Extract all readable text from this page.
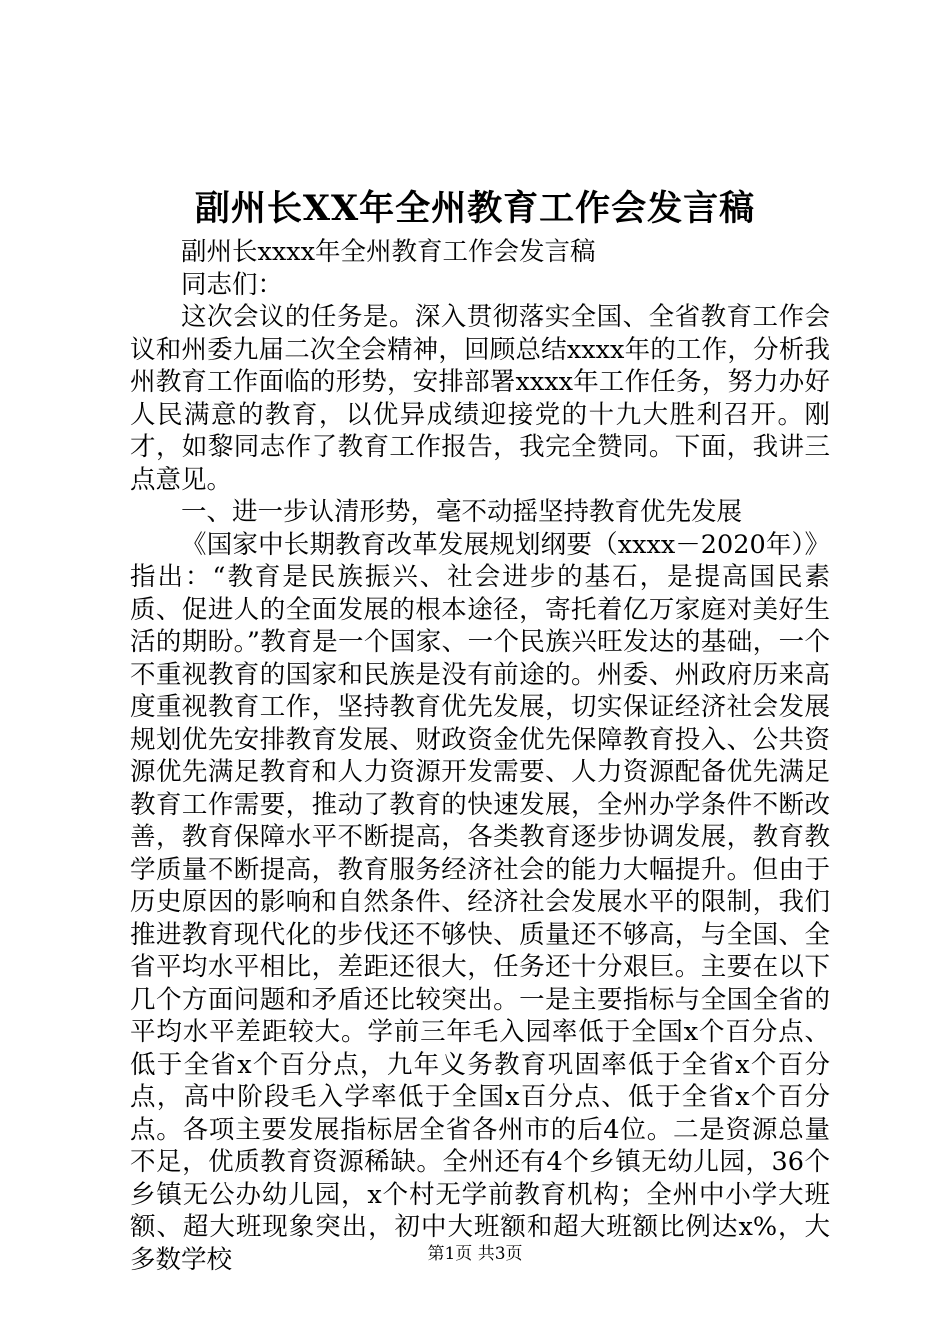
副州长XX年全州教育工作会发言稿

副州长xxxx年全州教育工作会发言稿

同志们：

这次会议的任务是。深入贯彻落实全国、全省教育工作会议和州委九届二次全会精神，回顾总结xxxx年的工作，分析我州教育工作面临的形势，安排部署xxxx年工作任务，努力办好人民满意的教育，以优异成绩迎接党的十九大胜利召开。刚才，如黎同志作了教育工作报告，我完全赞同。下面，我讲三点意见。

一、进一步认清形势，毫不动摇坚持教育优先发展

《国家中长期教育改革发展规划纲要（xxxx－2020年）》指出：“教育是民族振兴、社会进步的基石，是提高国民素质、促进人的全面发展的根本途径，寄托着亿万家庭对美好生活的期盼。”教育是一个国家、一个民族兴旺发达的基础，一个不重视教育的国家和民族是没有前途的。州委、州政府历来高度重视教育工作，坚持教育优先发展，切实保证经济社会发展规划优先安排教育发展、财政资金优先保障教育投入、公共资源优先满足教育和人力资源开发需要、人力资源配备优先满足教育工作需要，推动了教育的快速发展，全州办学条件不断改善，教育保障水平不断提高，各类教育逐步协调发展，教育教学质量不断提高，教育服务经济社会的能力大幅提升。但由于历史原因的影响和自然条件、经济社会发展水平的限制，我们推进教育现代化的步伐还不够快、质量还不够高，与全国、全省平均水平相比，差距还很大，任务还十分艰巨。主要在以下几个方面问题和矛盾还比较突出。一是主要指标与全国全省的平均水平差距较大。学前三年毛入园率低于全国x个百分点、低于全省x个百分点，九年义务教育巩固率低于全省x个百分点，高中阶段毛入学率低于全国x百分点、低于全省x个百分点。各项主要发展指标居全省各州市的后4位。二是资源总量不足，优质教育资源稀缺。全州还有4个乡镇无幼儿园，36个乡镇无公办幼儿园，x个村无学前教育机构；全州中小学大班额、超大班现象突出，初中大班额和超大班额比例达x%，大多数学校	第1页 共3页
